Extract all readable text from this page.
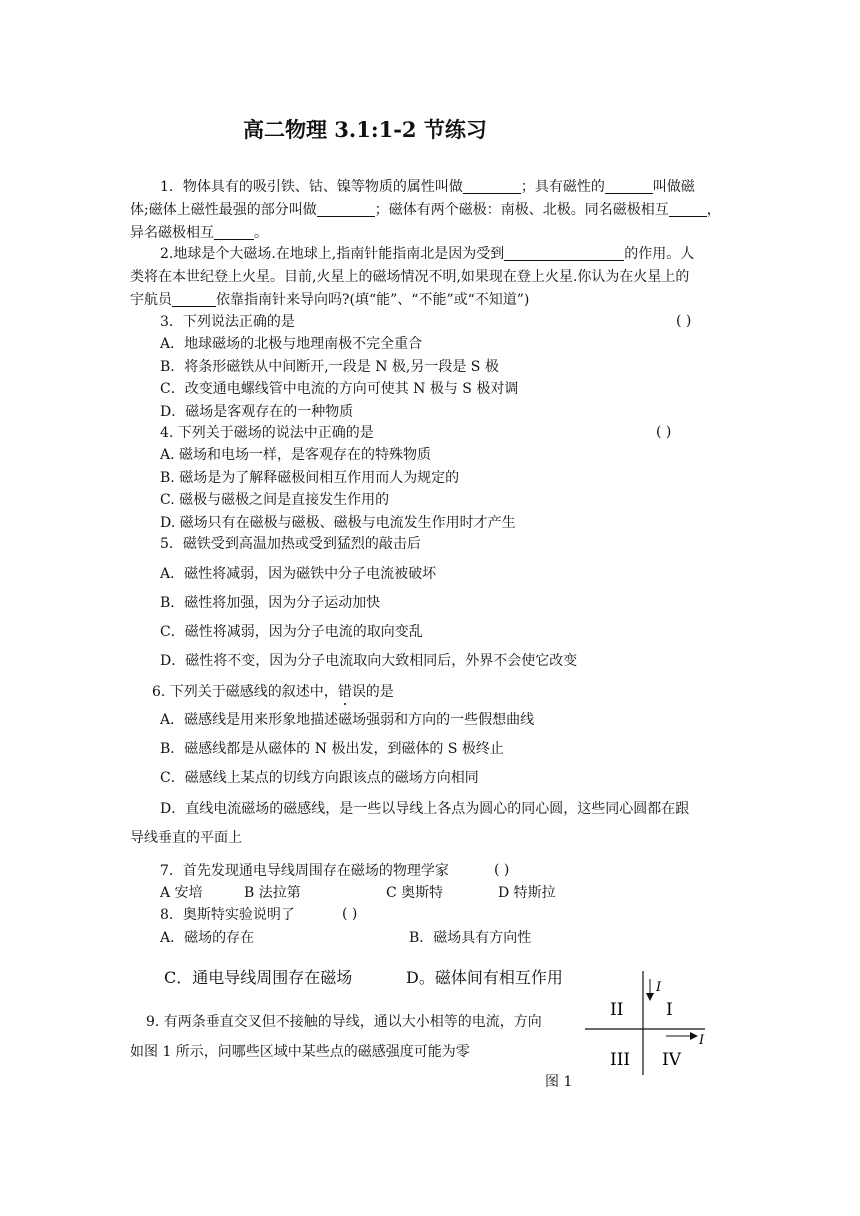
高二物理 3.1:1-2 节练习
1．物体具有的吸引铁、钴、镍等物质的属性叫做	；具有磁性的	叫做磁
体;磁体上磁性最强的部分叫做	；磁体有两个磁极：南极、北极。同名磁极相互	，
异名磁极相互	。
2.地球是个大磁场.在地球上,指南针能指南北是因为受到	的作用。人
类将在本世纪登上火星。目前,火星上的磁场情况不明,如果现在登上火星.你认为在火星上的
宇航员	依靠指南针来导向吗?(填“能”、“不能”或“不知道”)
3．下列说法正确的是	( )
A．地球磁场的北极与地理南极不完全重合
B．将条形磁铁从中间断开,一段是 N 极,另一段是 S 极
C．改变通电螺线管中电流的方向可使其 N 极与 S 极对调
D．磁场是客观存在的一种物质
4. 下列关于磁场的说法中正确的是	( )
A. 磁场和电场一样，是客观存在的特殊物质
B. 磁场是为了解释磁极间相互作用而人为规定的
C. 磁极与磁极之间是直接发生作用的
D. 磁场只有在磁极与磁极、磁极与电流发生作用时才产生
5．磁铁受到高温加热或受到猛烈的敲击后
A．磁性将减弱，因为磁铁中分子电流被破坏
B．磁性将加强，因为分子运动加快
C．磁性将减弱，因为分子电流的取向变乱
D．磁性将不变，因为分子电流取向大致相同后，外界不会使它改变
6. 下列关于磁感线的叙述中，错误的是
A．磁感线是用来形象地描述磁场强弱和方向的一些假想曲线
B．磁感线都是从磁体的 N 极出发，到磁体的 S 极终止
C．磁感线上某点的切线方向跟该点的磁场方向相同
D．直线电流磁场的磁感线，是一些以导线上各点为圆心的同心圆，这些同心圆都在跟
导线垂直的平面上
7．首先发现通电导线周围存在磁场的物理学家	( )
A 安培	B 法拉第	C 奥斯特	D 特斯拉
8．奥斯特实验说明了	( )
A．磁场的存在	B．磁场具有方向性
C．通电导线周围存在磁场	D。磁体间有相互作用
9. 有两条垂直交叉但不接触的导线，通以大小相等的电流，方向
如图 1 所示，问哪些区域中某些点的磁感强度可能为零
I
I
II	I
III IV
图 1
